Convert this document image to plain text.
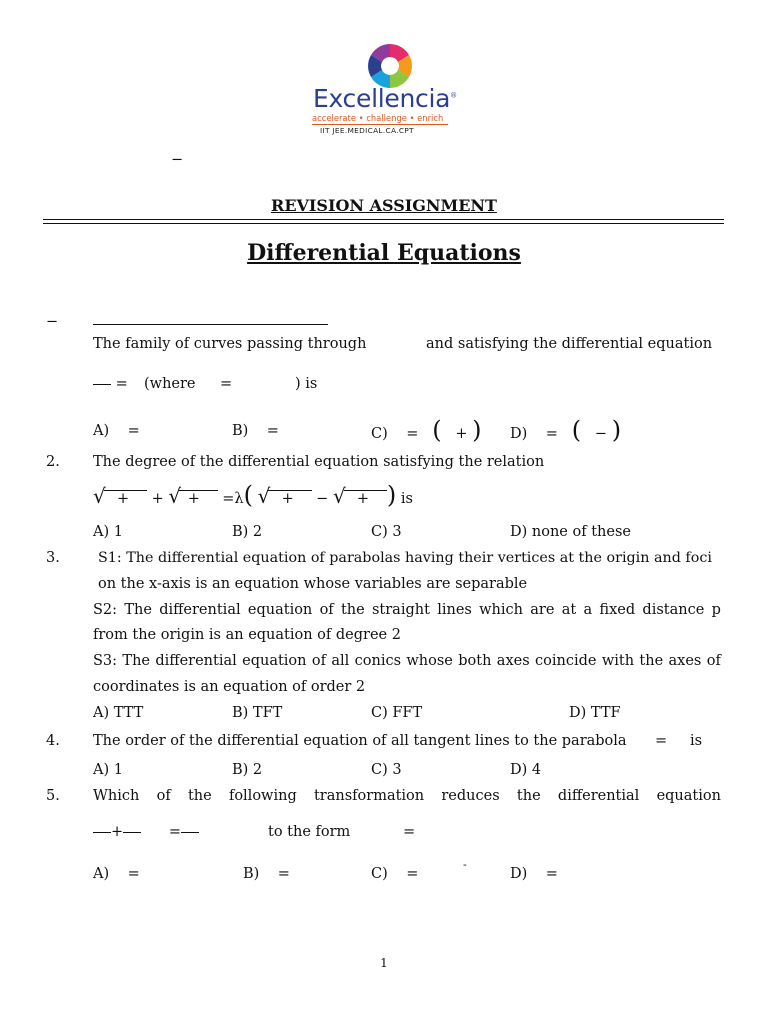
Excellencia®
accelerate • challenge • enrich
IIT JEE.MEDICAL.CA.CPT
−
REVISION ASSIGNMENT
Differential Equations
−
The family of curves passing through	and satisfying the differential equation
= (where =	) is
A) =	B) =	C) = ( + ) D) = ( − )
2. The degree of the differential equation satisfying the relation
√ + + √ + =λ( √ + − √ + ) is
A) 1	B) 2	C) 3	D) none of these
3.	S1: The differential equation of parabolas having their vertices at the origin and foci
on the x-axis is an equation whose variables are separable
S2: The differential equation of the straight lines which are at a fixed distance p
from the origin is an equation of degree 2
S3: The differential equation of all conics whose both axes coincide with the axes of
coordinates is an equation of order 2
A) TTT	B) TFT	C) FFT	D) TTF
4. The order of the differential equation of all tangent lines to the parabola = is
A) 1	B) 2	C) 3	D) 4
5. Which of the following transformation reduces the differential equation
+	=	to the form	=
A) =	B) =	C) =
-
D) =
1
